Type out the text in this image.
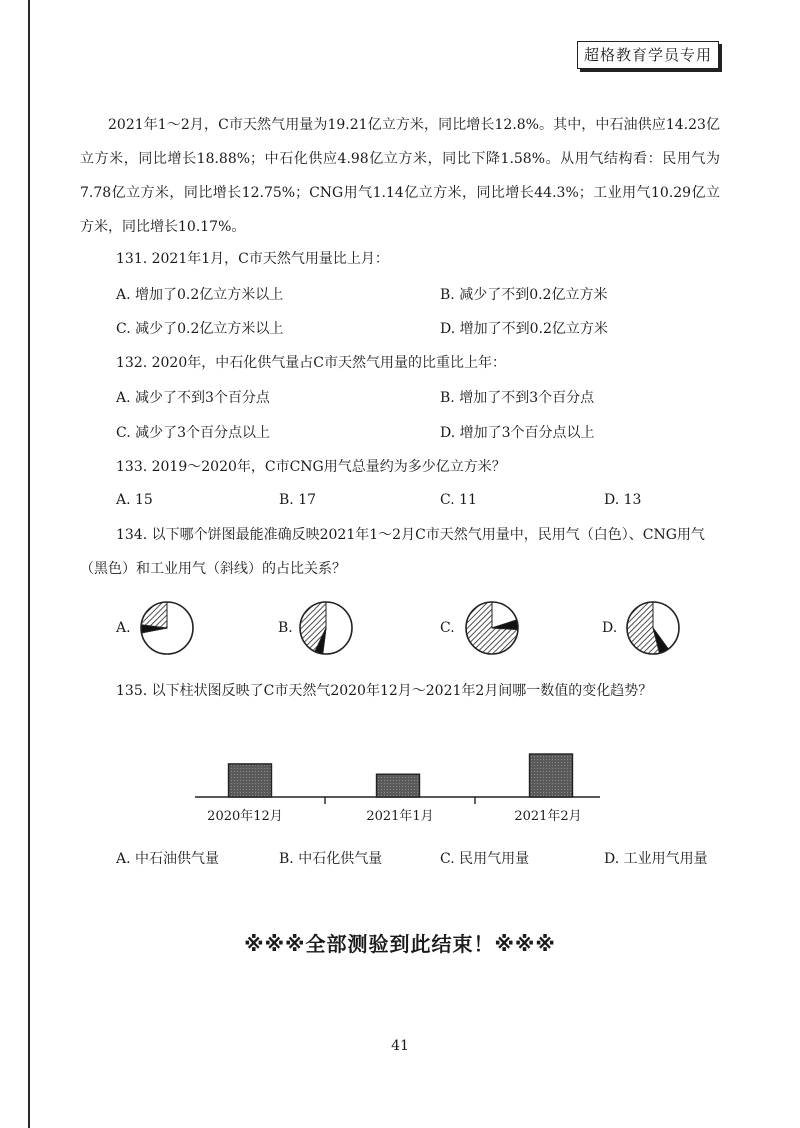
超格教育学员专用

2021年1～2月，C市天然气用量为19.21亿立方米，同比增长12.8%。其中，中石油供应14.23亿立方米，同比增长18.88%；中石化供应4.98亿立方米，同比下降1.58%。从用气结构看：民用气为7.78亿立方米，同比增长12.75%；CNG用气1.14亿立方米，同比增长44.3%；工业用气10.29亿立方米，同比增长10.17%。

131. 2021年1月，C市天然气用量比上月：
A. 增加了0.2亿立方米以上	B. 减少了不到0.2亿立方米
C. 减少了0.2亿立方米以上	D. 增加了不到0.2亿立方米
132. 2020年，中石化供气量占C市天然气用量的比重比上年：
A. 减少了不到3个百分点	B. 增加了不到3个百分点
C. 减少了3个百分点以上	D. 增加了3个百分点以上
133. 2019～2020年，C市CNG用气总量约为多少亿立方米？
A. 15	B. 17	C. 11	D. 13
134. 以下哪个饼图最能准确反映2021年1～2月C市天然气用量中，民用气（白色）、CNG用气（黑色）和工业用气（斜线）的占比关系？
A.	B.	C.	D.
135. 以下柱状图反映了C市天然气2020年12月～2021年2月间哪一数值的变化趋势？
2020年12月	2021年1月	2021年2月
A. 中石油供气量	B. 中石化供气量	C. 民用气用量	D. 工业用气用量
※※※全部测验到此结束！※※※
41
